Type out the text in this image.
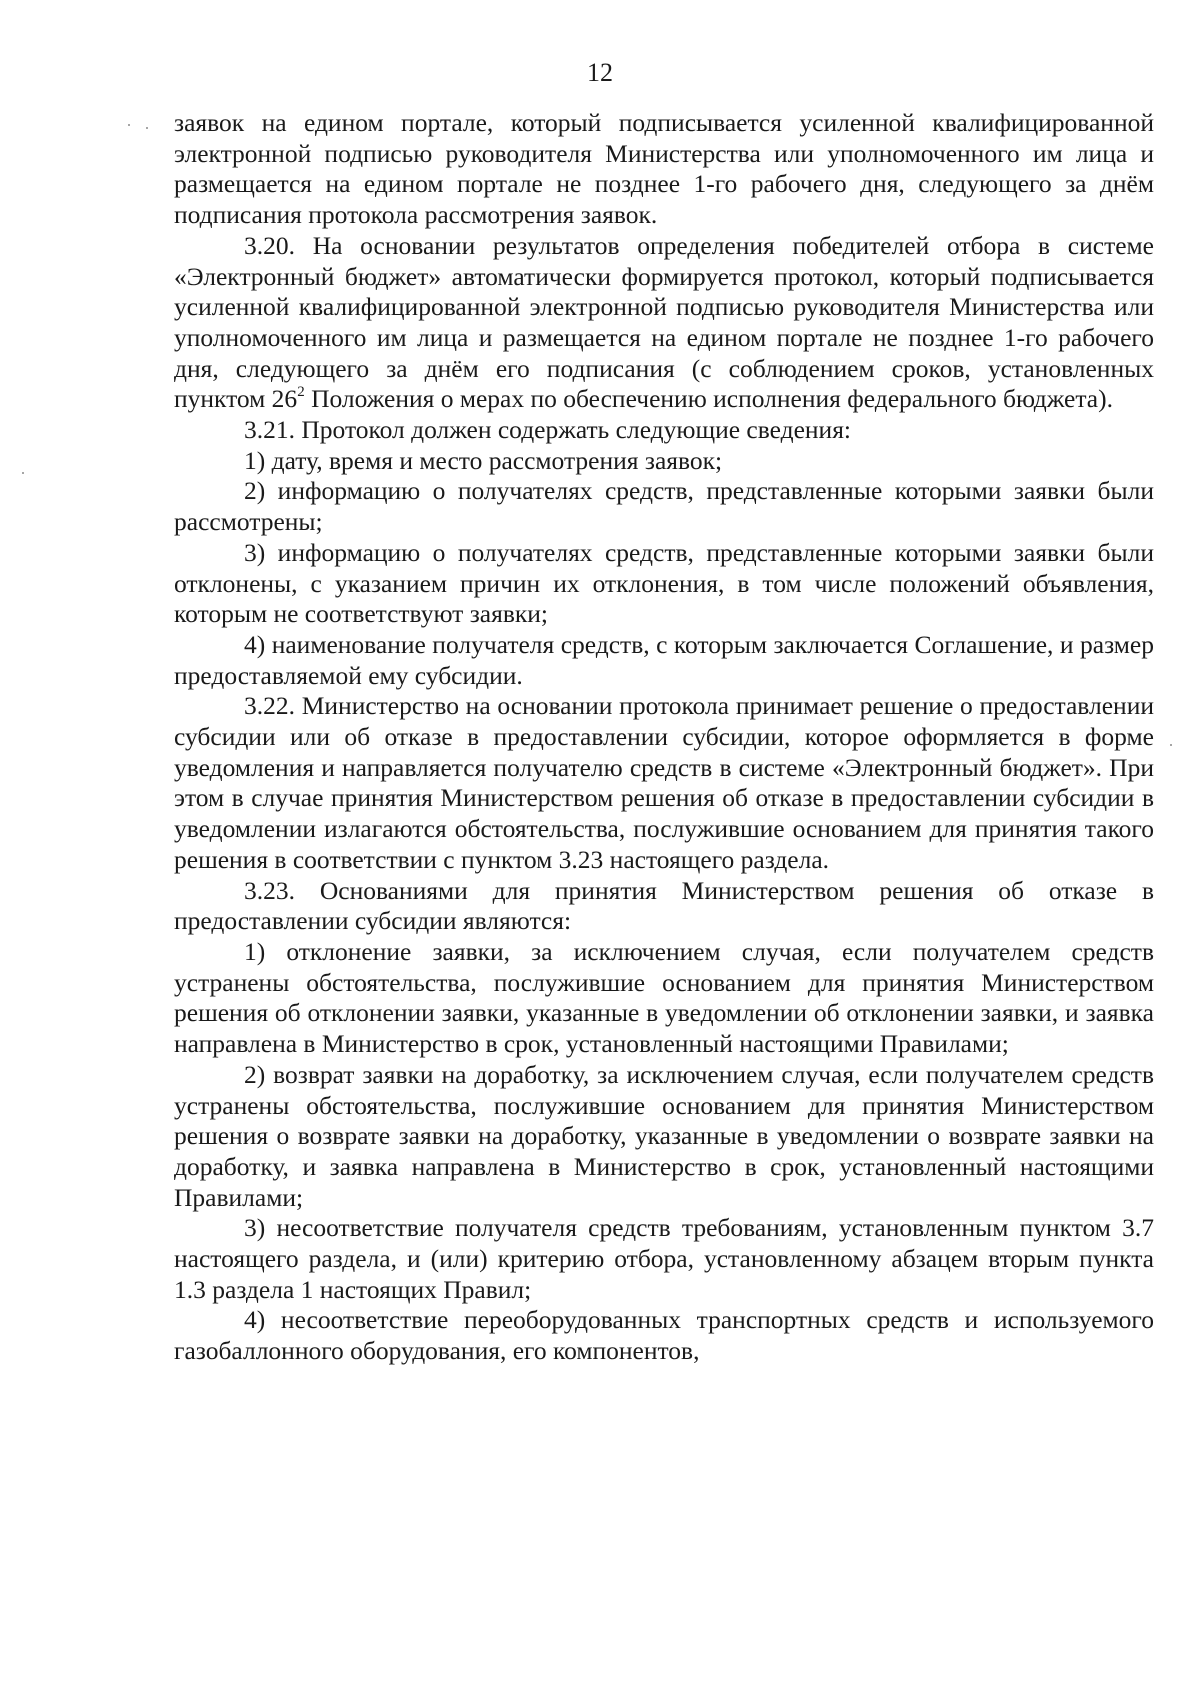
12

заявок на едином портале, который подписывается усиленной квалифицированной электронной подписью руководителя Министерства или уполномоченного им лица и размещается на едином портале не позднее 1-го рабочего дня, следующего за днём подписания протокола рассмотрения заявок.

3.20. На основании результатов определения победителей отбора в системе «Электронный бюджет» автоматически формируется протокол, который подписывается усиленной квалифицированной электронной подписью руководителя Министерства или уполномоченного им лица и размещается на едином портале не позднее 1-го рабочего дня, следующего за днём его подписания (с соблюдением сроков, установленных пунктом $26^2$ Положения о мерах по обеспечению исполнения федерального бюджета).

3.21. Протокол должен содержать следующие сведения:

1) дату, время и место рассмотрения заявок;

2) информацию о получателях средств, представленные которыми заявки были рассмотрены;

3) информацию о получателях средств, представленные которыми заявки были отклонены, с указанием причин их отклонения, в том числе положений объявления, которым не соответствуют заявки;

4) наименование получателя средств, с которым заключается Соглашение, и размер предоставляемой ему субсидии.

3.22. Министерство на основании протокола принимает решение о предоставлении субсидии или об отказе в предоставлении субсидии, которое оформляется в форме уведомления и направляется получателю средств в системе «Электронный бюджет». При этом в случае принятия Министерством решения об отказе в предоставлении субсидии в уведомлении излагаются обстоятельства, послужившие основанием для принятия такого решения в соответствии с пунктом 3.23 настоящего раздела.

3.23. Основаниями для принятия Министерством решения об отказе в предоставлении субсидии являются:

1) отклонение заявки, за исключением случая, если получателем средств устранены обстоятельства, послужившие основанием для принятия Министерством решения об отклонении заявки, указанные в уведомлении об отклонении заявки, и заявка направлена в Министерство в срок, установленный настоящими Правилами;

2) возврат заявки на доработку, за исключением случая, если получателем средств устранены обстоятельства, послужившие основанием для принятия Министерством решения о возврате заявки на доработку, указанные в уведомлении о возврате заявки на доработку, и заявка направлена в Министерство в срок, установленный настоящими Правилами;

3) несоответствие получателя средств требованиям, установленным пунктом 3.7 настоящего раздела, и (или) критерию отбора, установленному абзацем вторым пункта 1.3 раздела 1 настоящих Правил;

4) несоответствие переоборудованных транспортных средств и используемого газобаллонного оборудования, его компонентов,
